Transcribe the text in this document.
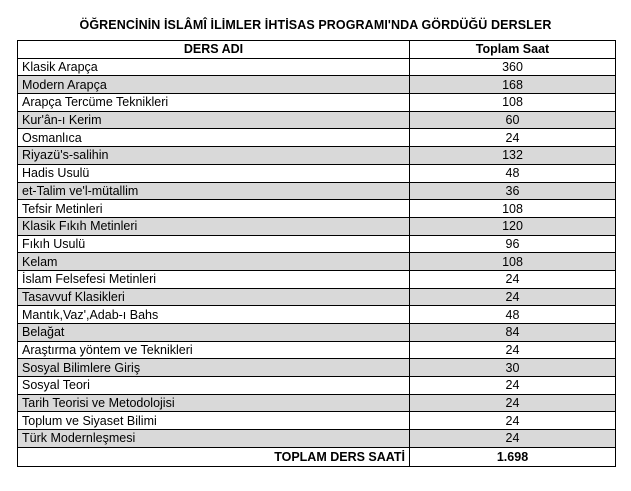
ÖĞRENCİNİN İSLÂMÎ İLİMLER İHTİSAS PROGRAMI'NDA GÖRDÜĞÜ DERSLER
DERS ADI	Toplam Saat
Klasik Arapça	360
Modern Arapça	168
Arapça Tercüme Teknikleri	108
Kur'ân-ı Kerim	60
Osmanlıca	24
Riyazü's-salihin	132
Hadis Usulü	48
et-Talim ve'l-mütallim	36
Tefsir Metinleri	108
Klasik Fıkıh Metinleri	120
Fıkıh Usulü	96
Kelam	108
İslam Felsefesi Metinleri	24
Tasavvuf Klasikleri	24
Mantık,Vaz',Adab-ı Bahs	48
Belağat	84
Araştırma yöntem ve Teknikleri	24
Sosyal Bilimlere Giriş	30
Sosyal Teori	24
Tarih Teorisi ve Metodolojisi	24
Toplum ve Siyaset Bilimi	24
Türk Modernleşmesi	24
TOPLAM DERS SAATİ	1.698
